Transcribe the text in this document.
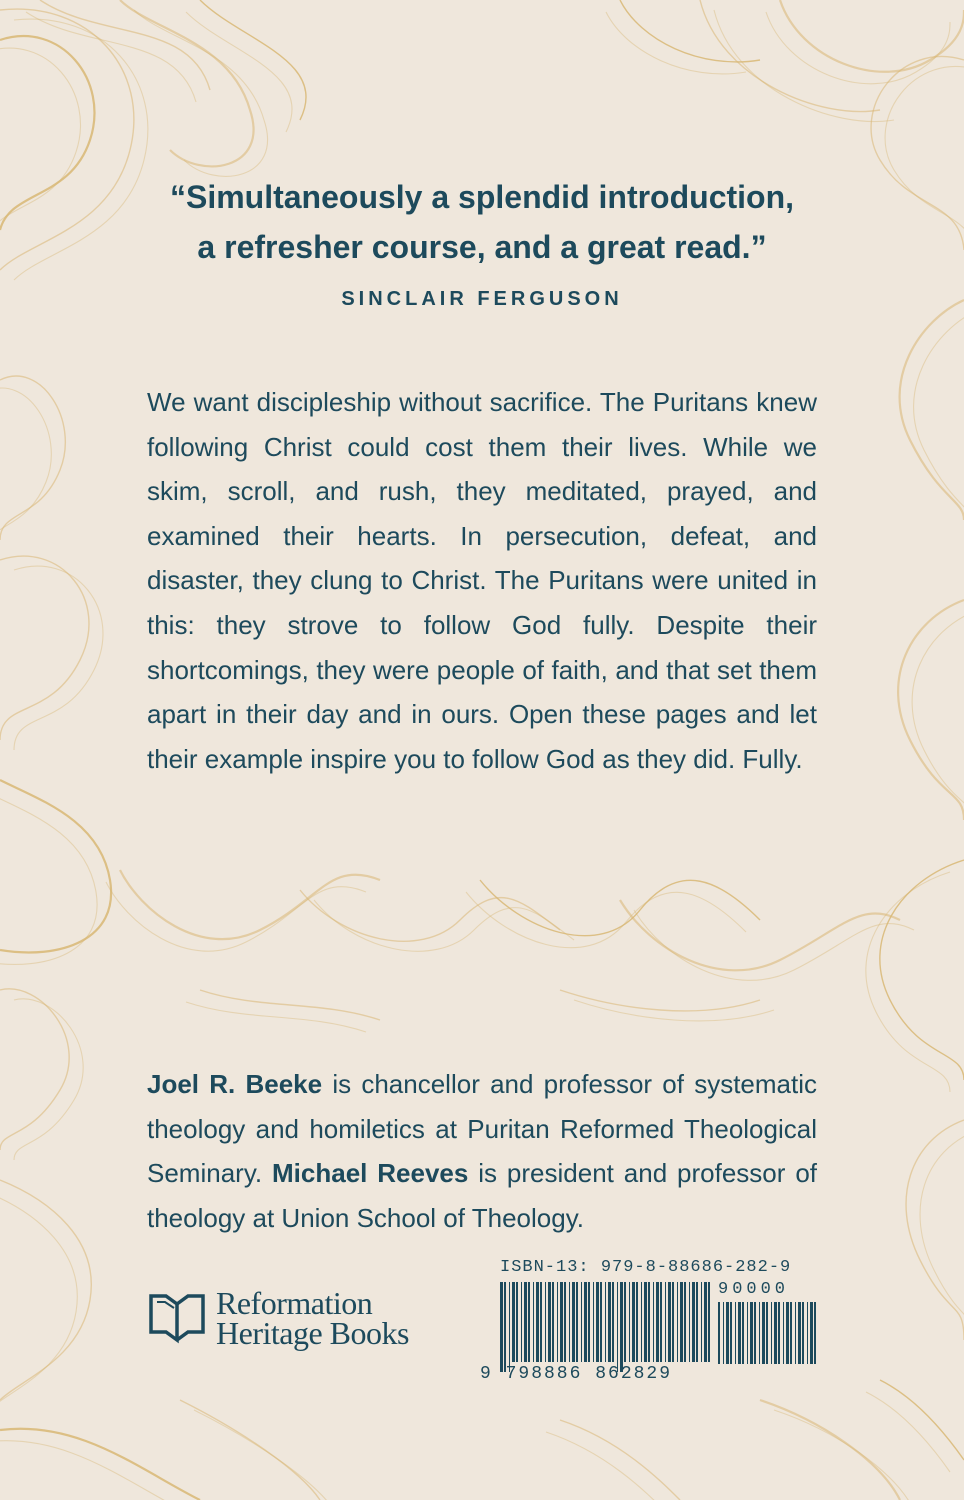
“Simultaneously a splendid introduction,
a refresher course, and a great read.”

SINCLAIR FERGUSON

We want discipleship without sacrifice. The Puritans knew following Christ could cost them their lives. While we skim, scroll, and rush, they meditated, prayed, and examined their hearts. In persecution, defeat, and disaster, they clung to Christ. The Puritans were united in this: they strove to follow God fully. Despite their shortcomings, they were people of faith, and that set them apart in their day and in ours. Open these pages and let their example inspire you to follow God as they did. Fully.

Joel R. Beeke is chancellor and professor of systematic theology and homiletics at Puritan Reformed Theological Seminary. Michael Reeves is president and professor of theology at Union School of Theology.

Reformation
Heritage Books
ISBN-13: 979-8-88686-282-9
90000
9 798886 862829
